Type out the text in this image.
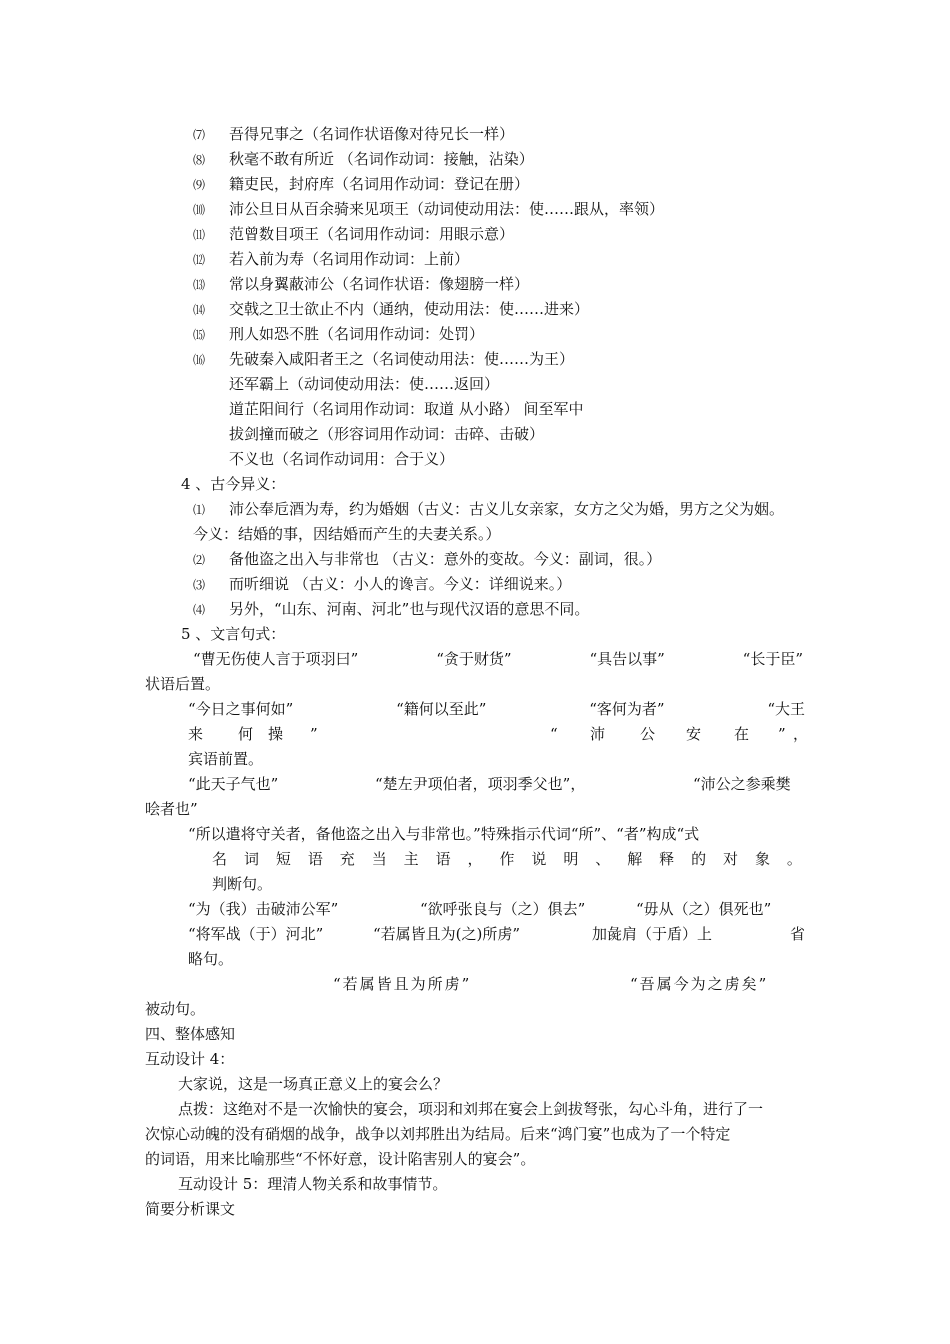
⑺ 吾得兄事之（名词作状语像对待兄长一样）
⑻ 秋毫不敢有所近 （名词作动词：接触，沾染）
⑼ 籍吏民，封府库（名词用作动词：登记在册）
⑽ 沛公旦日从百余骑来见项王（动词使动用法：使……跟从，率领）
⑾ 范曾数目项王（名词用作动词：用眼示意）
⑿ 若入前为寿（名词用作动词：上前）
⒀ 常以身翼蔽沛公（名词作状语：像翅膀一样）
⒁ 交戟之卫士欲止不内（通纳，使动用法：使……进来）
⒂ 刑人如恐不胜（名词用作动词：处罚）
⒃ 先破秦入咸阳者王之（名词使动用法：使……为王）
还军霸上（动词使动用法：使……返回）
道芷阳间行（名词用作动词：取道 从小路） 间至军中
拔剑撞而破之（形容词用作动词：击碎、击破）
不义也（名词作动词用：合于义）
4 、古今异义：
⑴ 沛公奉卮酒为寿，约为婚姻（古义：古义儿女亲家，女方之父为婚，男方之父为姻。
今义：结婚的事，因结婚而产生的夫妻关系。）
⑵ 备他盗之出入与非常也 （古义：意外的变故。今义：副词，很。）
⑶ 而听细说 （古义：小人的谗言。今义：详细说来。）
⑷ 另外，“山东、河南、河北”也与现代汉语的意思不同。
5 、文言句式：
“曹无伤使人言于项羽曰”	“贪于财货”	“具告以事”	“长于臣”
状语后置。
“今日之事何如”	“籍何以至此”	“客何为者”	“大王
来 何 操 ”	“ 沛 公 安 在 ” ，
宾语前置。
“此天子气也”	“楚左尹项伯者，项羽季父也”，	“沛公之参乘樊
哙者也”
“所以遣将守关者，备他盗之出入与非常也。”特殊指示代词“所”、“者”构成“式
名 词 短 语 充 当 主 语 ， 作 说 明 、 解 释 的 对 象 。
判断句。
“为（我）击破沛公军”	“欲呼张良与（之）俱去”	“毋从（之）俱死也”
“将军战（于）河北”	“若属皆且为(之)所虏”	加彘肩（于盾）上	省
略句。
“若属皆且为所虏”	“吾属今为之虏矣”
被动句。
四、整体感知
互动设计 4：
大家说，这是一场真正意义上的宴会么？
点拨：这绝对不是一次愉快的宴会，项羽和刘邦在宴会上剑拔弩张，勾心斗角，进行了一
次惊心动魄的没有硝烟的战争，战争以刘邦胜出为结局。后来“鸿门宴”也成为了一个特定
的词语，用来比喻那些“不怀好意，设计陷害别人的宴会”。
互动设计 5：理清人物关系和故事情节。
简要分析课文
